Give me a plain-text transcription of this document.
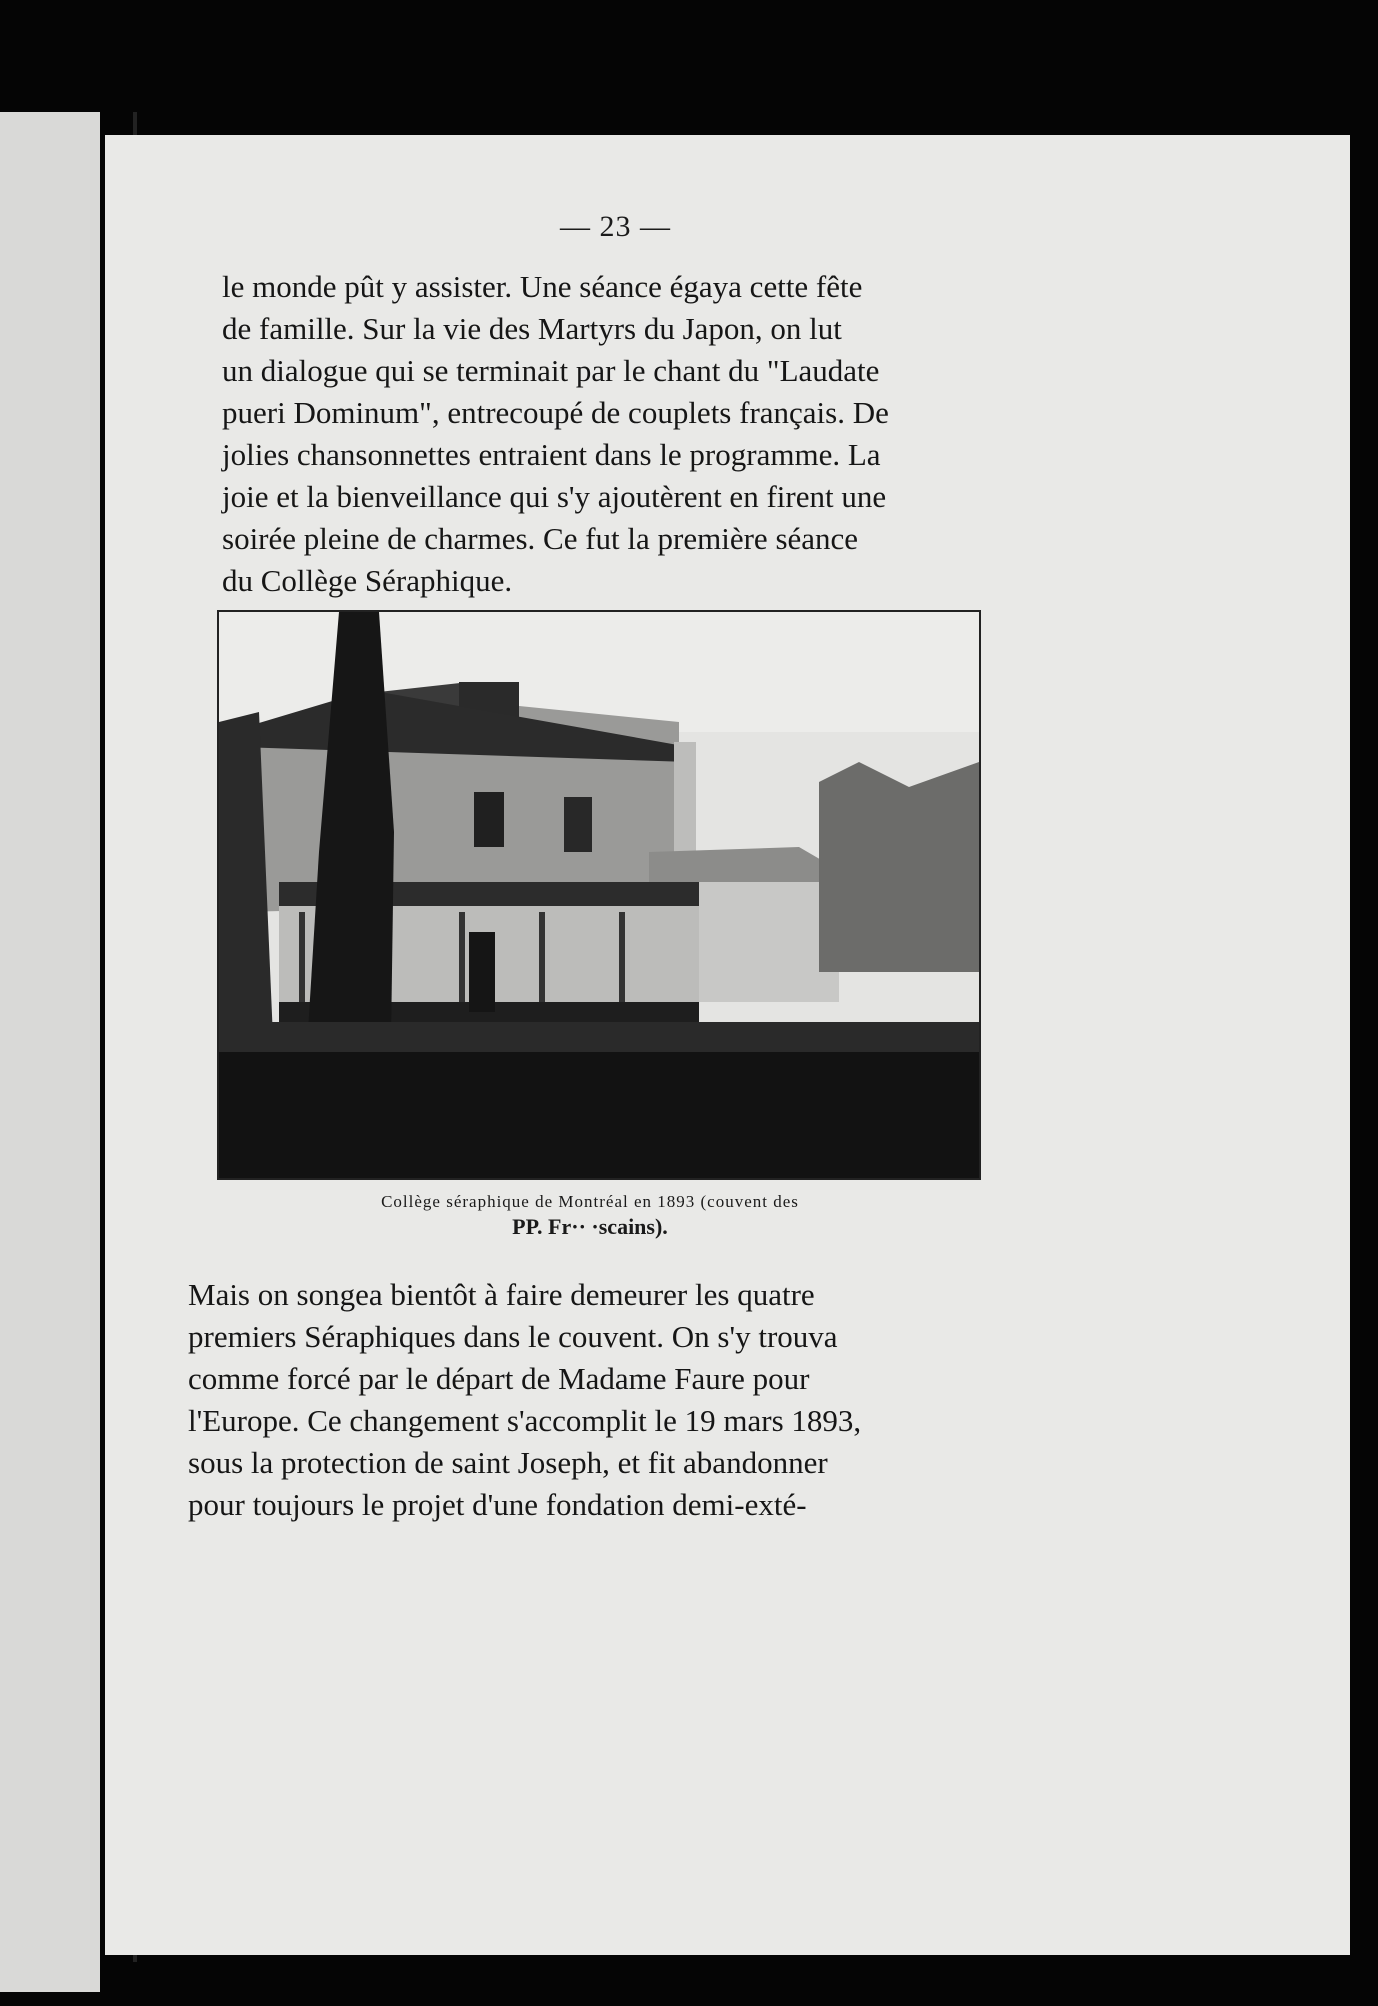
— 23 —

le monde pût y assister. Une séance égaya cette fête
de famille. Sur la vie des Martyrs du Japon, on lut
un dialogue qui se terminait par le chant du "Laudate
pueri Dominum", entrecoupé de couplets français. De
jolies chansonnettes entraient dans le programme. La
joie et la bienveillance qui s'y ajoutèrent en firent une
soirée pleine de charmes. Ce fut la première séance
du Collège Séraphique.

Collège séraphique de Montréal en 1893 (couvent des
PP. Fr·· ·scains).

Mais on songea bientôt à faire demeurer les quatre
premiers Séraphiques dans le couvent. On s'y trouva
comme forcé par le départ de Madame Faure pour
l'Europe. Ce changement s'accomplit le 19 mars 1893,
sous la protection de saint Joseph, et fit abandonner
pour toujours le projet d'une fondation demi-exté-
